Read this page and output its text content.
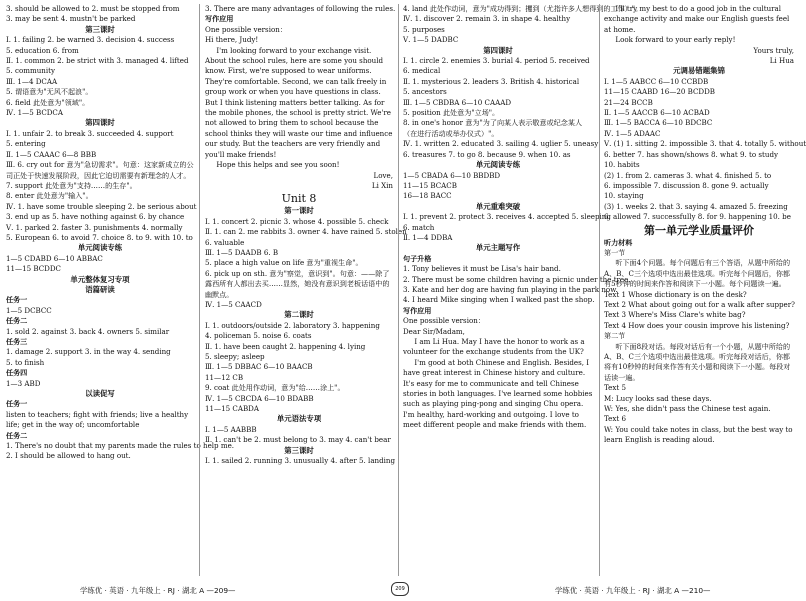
3. should be allowed to 2. must be stopped from

3. may be sent 4. mustn't be parked

第三课时

Ⅰ. 1. failing 2. be warned 3. decision 4. success

5. education 6. from

Ⅱ. 1. common 2. be strict with 3. managed 4. lifted

5. community

Ⅲ. 1—4 DCAA

5. 谓语意为"无风不起浪"。

6. field 此处意为"领域"。

Ⅳ. 1—5 BCDCA

第四课时

Ⅰ. 1. unfair 2. to break 3. succeeded 4. support

5. entering

Ⅱ. 1—5 CAAAC 6—8 BBB

Ⅲ. 6. cry out for 意为"急切需求"。句意：这家新成立的公司正处于快速发展阶段，因此它迫切需要有新理念的人才。

7. support 此处意为"支持……的生存"。

8. enter 此处意为"输入"。

Ⅳ. 1. have some trouble sleeping 2. be serious about

3. end up as 5. have nothing against 6. by chance

Ⅴ. 1. parked 2. faster 3. punishments 4. normally

5. European 6. to avoid 7. choice 8. to 9. with 10. to

单元阅读专练

1—5 CDABD 6—10 ABBAC

11—15 BCDDC

单元整体复习专项

语篇研读

任务一

1—5 DCBCC

任务二

1. sold 2. against 3. back 4. owners 5. similar

任务三

1. damage 2. support 3. in the way 4. sending

5. to finish

任务四

1—3 ABD

以读促写

任务一

listen to teachers; fight with friends; live a healthy life; get in the way of; uncomfortable

任务二

1. There's no doubt that my parents made the rules to help me.

2. I should be allowed to hang out.

3. There are many advantages of following the rules.

写作应用

One possible version：

Hi there, Judy!

I'm looking forward to your exchange visit. About the school rules, here are some you should know. First, we're supposed to wear uniforms. They're comfortable. Second, we can talk freely in group work or when you have questions in class. But I think listening matters better talking. As for the mobile phones, the school is pretty strict. We're not allowed to bring them to school because the school thinks they will waste our time and influence our study. But the teachers are very friendly and you'll make friends!

Hope this helps and see you soon!

Love,

Li Xin

Unit 8

第一课时

Ⅰ. 1. concert 2. picnic 3. whose 4. possible 5. check

Ⅱ. 1. can 2. me rabbits 3. owner 4. have rained 5. stolen

6. valuable

Ⅲ. 1—5 DAADB 6. B

5. place a high value on life 意为"重视生命"。

6. pick up on sth. 意为"察觉，意识到"。句意：——除了露西所有人都出去买……显然，她没有意识到老板话语中的幽默点。

Ⅳ. 1—5 CAACD

第二课时

Ⅰ. 1. outdoors/outside 2. laboratory 3. happening

4. policeman 5. noise 6. coats

Ⅱ. 1. have been caught 2. happening 4. lying

5. sleepy; asleep

Ⅲ. 1—5 DBBAC 6—10 BAACB

11—12 CB

9. coat 此处用作动词，意为"给……涂上"。

Ⅳ. 1—5 CBCDA 6—10 BDABB

11—15 CABDA

单元语法专项

Ⅰ. 1—5 AABBB

Ⅱ. 1. can't be 2. must belong to 3. may 4. can't bear

第三课时

Ⅰ. 1. sailed 2. running 3. unusually 4. after 5. landing

4. land 此处作动词，意为"成功得到；攫到（尤指许多人想得到的工作）"。

Ⅳ. 1. discover 2. remain 3. in shape 4. healthy

5. purposes

Ⅴ. 1—5 DADBC

第四课时

Ⅰ. 1. circle 2. enemies 3. burial 4. period 5. received

6. medical

Ⅱ. 1. mysterious 2. leaders 3. British 4. historical

5. ancestors

Ⅲ. 1—5 CBDBA 6—10 CAAAD

5. position 此处意为"立场"。

8. in one's honor 意为"为了向某人表示敬意或纪念某人（在进行活动或举办仪式）"。

Ⅳ. 1. written 2. educated 3. sailing 4. uglier 5. uneasy

6. treasures 7. to go 8. because 9. when 10. as

单元阅读专练

1—5 CBADA 6—10 BBDBD

11—15 BCACB

16—18 BACC

单元重难突破

Ⅰ. 1. prevent 2. protect 3. receives 4. accepted 5. sleeping

6. match

Ⅱ. 1—4 DDBA

单元主题写作

句子升格

1. Tony believes it must be Lisa's hair band.

2. There must be some children having a picnic under the tree.

3. Kate and her dog are having fun playing in the park now.

4. I heard Mike singing when I walked past the shop.

写作应用

One possible version：

Dear Sir/Madam,

I am Li Hua. May I have the honor to work as a volunteer for the exchange students from the UK?

I'm good at both Chinese and English. Besides, I have great interest in Chinese history and culture. It's easy for me to communicate and tell Chinese stories in both languages. I've learned some hobbies such as playing ping-pong and singing Chu opera. I'm healthy, hard-working and outgoing. I love to meet different people and make friends with them.

I'll try my best to do a good job in the cultural exchange activity and make our English guests feel at home.

Look forward to your early reply!

Yours truly,

Li Hua

元调易错题集锦

Ⅰ. 1—5 AABCC 6—10 CCBDB

11—15 CAABD 16—20 BCDDB

21—24 BCCB

Ⅱ. 1—5 AACCB 6—10 ACBAD

Ⅲ. 1—5 BACCA 6—10 BDCBC

Ⅳ. 1—5 ADAAC

Ⅴ. (1) 1. sitting 2. impossible 3. that 4. totally 5. without

6. better 7. has shown/shows 8. what 9. to study

10. habits

(2) 1. from 2. cameras 3. what 4. finished 5. to

6. impossible 7. discussion 8. gone 9. actually

10. staying

(3) 1. weeks 2. that 3. saying 4. amazed 5. freezing

6. allowed 7. successfully 8. for 9. happening 10. be

第一单元学业质量评价

听力材料

第一节

听下面4个问题。每个问题后有三个答语，从题中所给的A、B、C三个选项中选出最佳选项。听完每个问题后，你都有5秒钟的时间来作答和阅读下一小题。每个问题读一遍。

Text 1 Whose dictionary is on the desk?

Text 2 What about going out for a walk after supper?

Text 3 Where's Miss Clare's white bag?

Text 4 How does your cousin improve his listening?

第二节

听下面8段对话。每段对话后有一个小题，从题中所给的A、B、C三个选项中选出最佳选项。听完每段对话后，你都将有10秒钟的时间来作答有关小题和阅读下一小题。每段对话读一遍。

Text 5

M: Lucy looks sad these days.

W: Yes, she didn't pass the Chinese test again.

Text 6

W: You could take notes in class, but the best way to learn English is reading aloud.

学练优 · 英语 · 九年级上 · RJ · 湖北 A —209—	209	学练优 · 英语 · 九年级上 · RJ · 湖北 A —210—
